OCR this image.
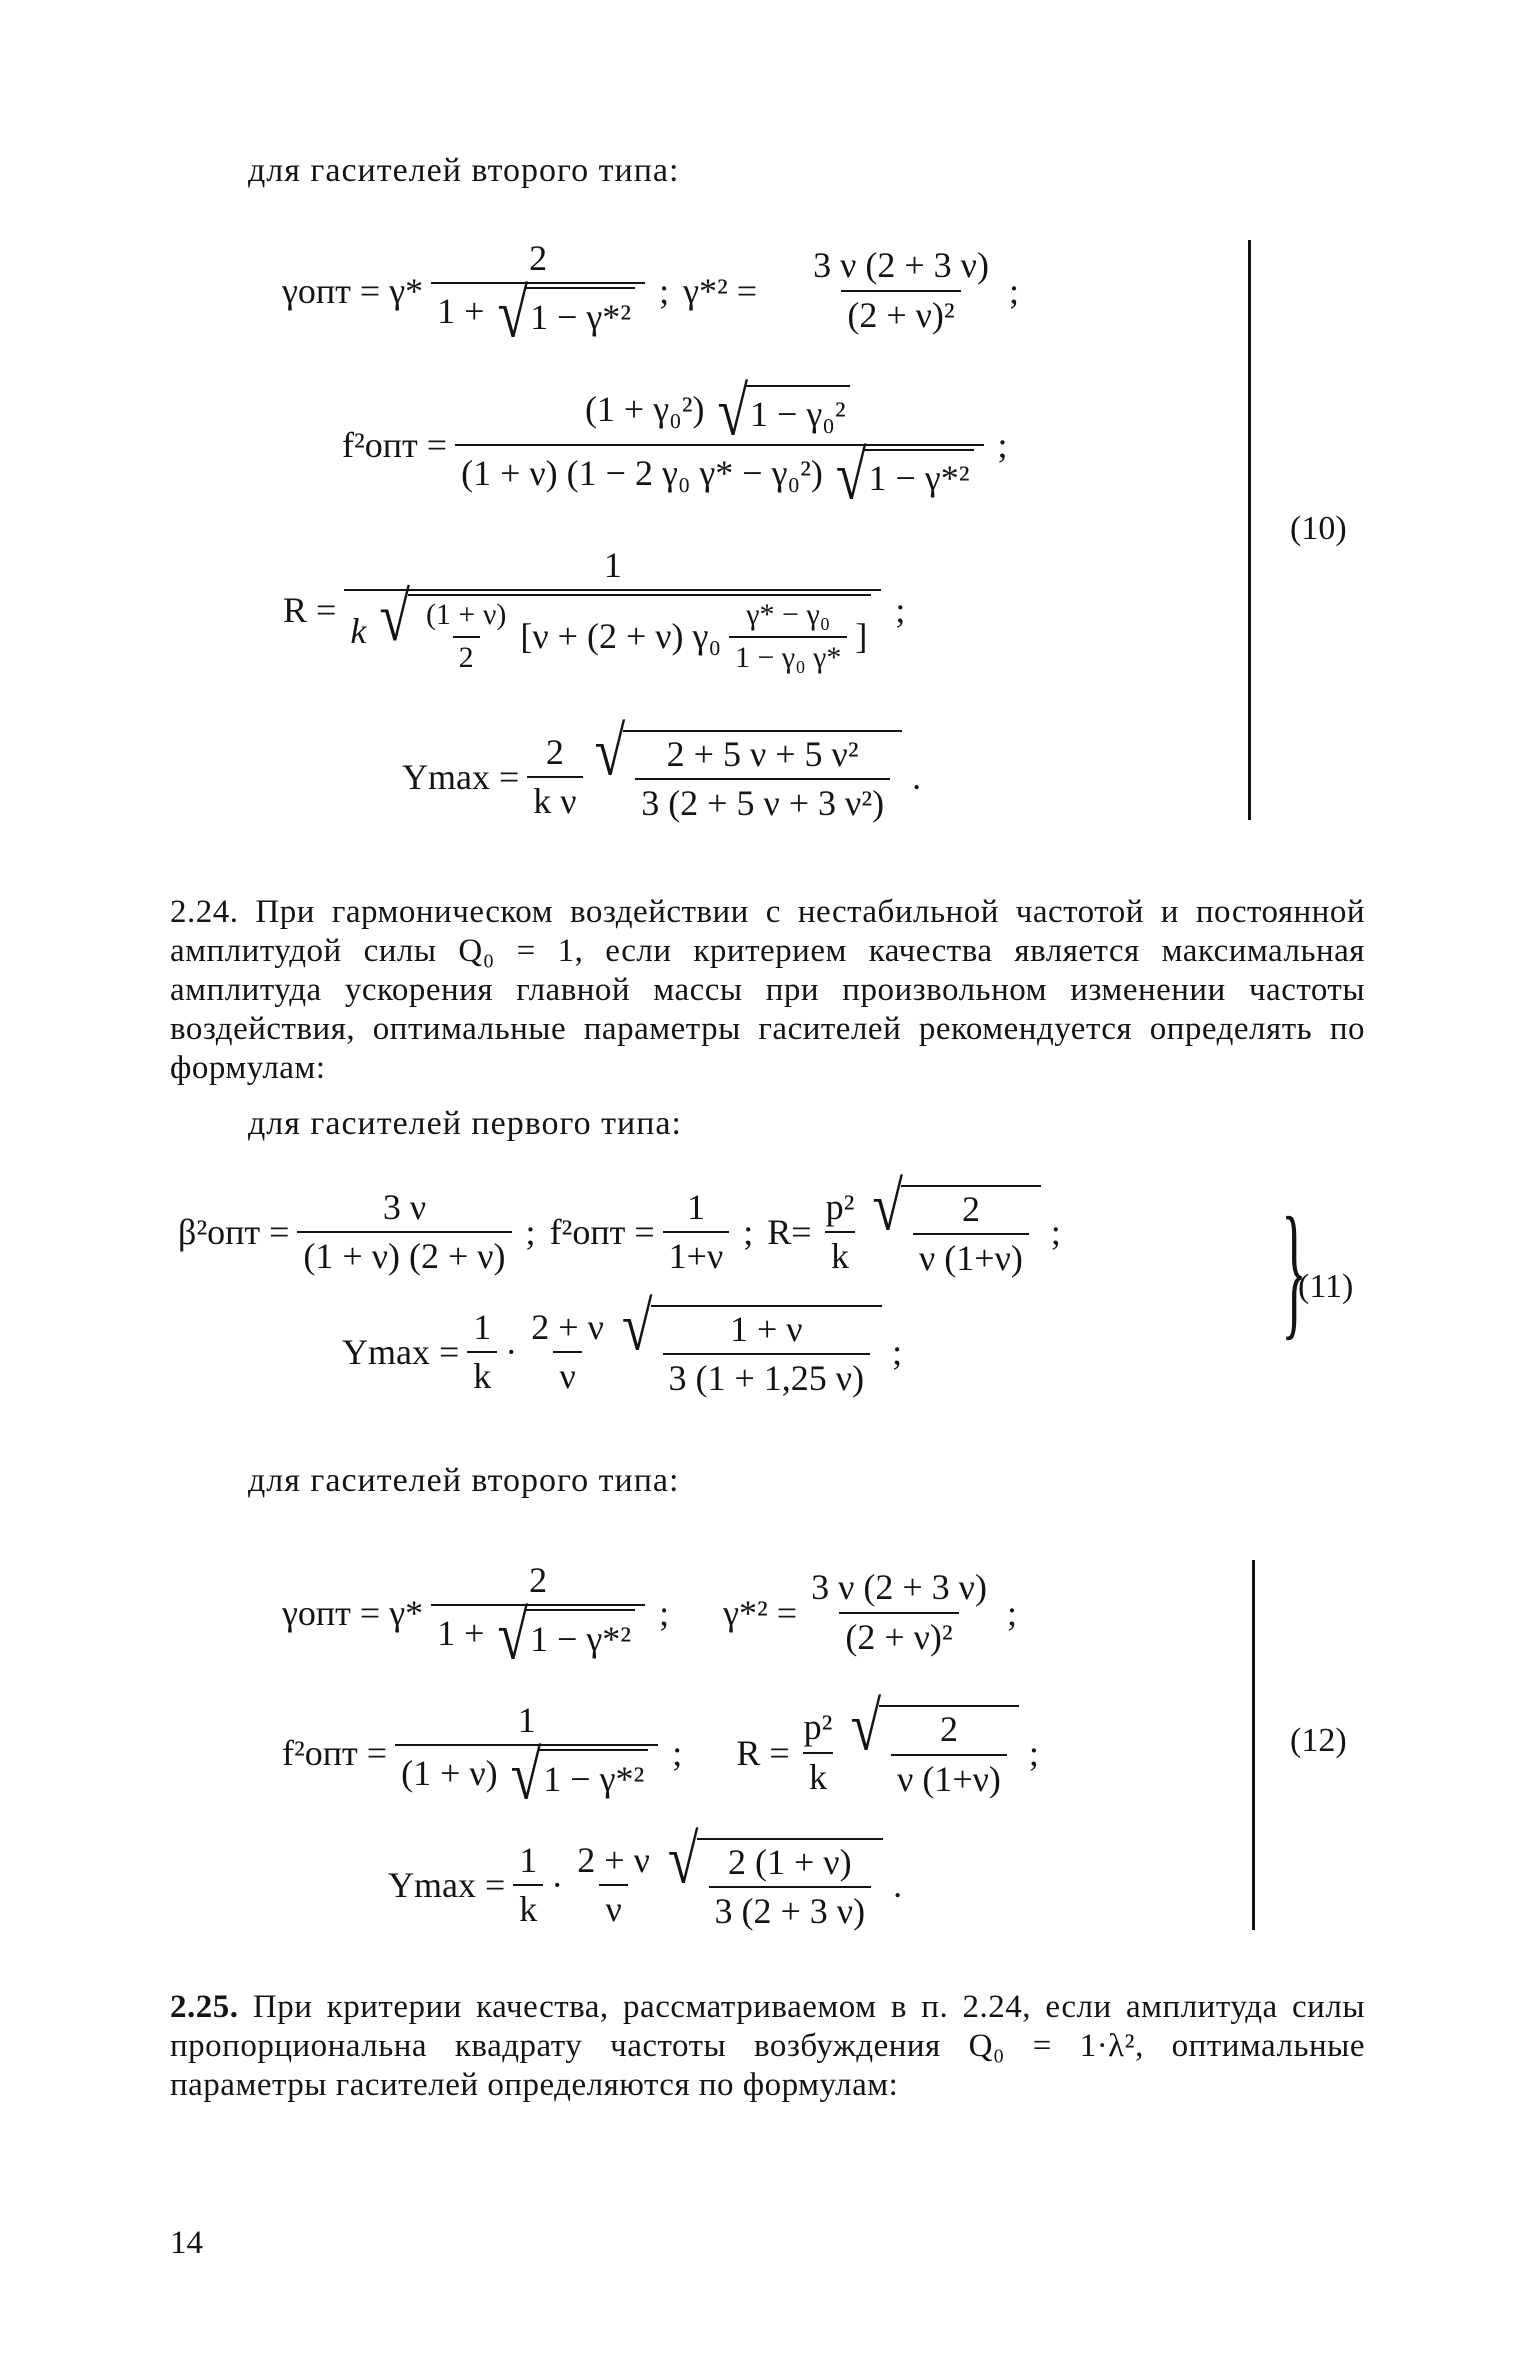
для гасителей второго типа:
$\gamma опт = \gamma* \frac{2}{\text{1 + √ 1 − γ*²}}$ ; $\gamma*^2 = \frac{3 \nu (2 + 3 \nu)}{\text{(2 + ν)²}}$ ;
$f^2опт = \frac{\text{(1 + γ₀²) √ 1 − γ₀²}}{\text{(1 + ν) (1 − 2 γ₀ γ* − γ₀²) √ 1 − γ*²}}$ ;
R =
1
k √ $\frac{(1 + \nu)}{2}$ [ ν + (2 + ν) $\gamma_0 \frac{\text{γ* − γ₀}}{\text{1 − γ₀ γ*}}$ ]
;
$Ymax = \frac{2}{\text{k ν}}$ √ $\frac{\text{2 + 5 ν + 5 ν²}}{\text{3 (2 + 5 ν + 3 ν²)}}$ .
(10)
2.24. При гармоническом воздействии с нестабильной частотой и постоянной амплитудой силы Q₀ = 1, если критерием качества является максимальная амплитуда ускорения главной массы при произвольном изменении частоты воздействия, оптимальные параметры гасителей рекомендуется определять по формулам:
для гасителей первого типа:
$\beta^2опт = \frac{3 \nu}{(1 + \nu) (2 + \nu)}$ ; $f^2опт = \frac{1}{1+\nu}$ ; $R= \frac{\text{p²}}{k}$ √ $\frac{2}{\nu (1+\nu)}$ ;
$Ymax = \frac{1}{k} \cdot \frac{2 + \nu}{\nu}$ √ $\frac{1 + \nu}{3 (1 + 1,25 \nu)}$ ;	}
(11)
для гасителей второго типа:
$\gamma опт = \gamma* \frac{2}{\text{1 + √ 1 − γ*²}}$ ; $\gamma*^2 = \frac{3 \nu (2 + 3 \nu)}{\text{(2 + ν)²}}$ ;
$f^2опт = \frac{1}{\text{(1 + ν) √ 1 − γ*²}}$ ; $R = \frac{\text{p²}}{k}$ √ $\frac{2}{\nu (1+\nu)}$ ;
$Ymax = \frac{1}{k} \cdot \frac{2 + \nu}{\nu}$ √ $\frac{2 (1 + \nu)}{3 (2 + 3 \nu)}$ .
(12)
2.25. При критерии качества, рассматриваемом в п. 2.24, если амплитуда силы пропорциональна квадрату частоты возбуждения Q₀ = 1·λ², оптимальные параметры гасителей определяются по формулам:
14
